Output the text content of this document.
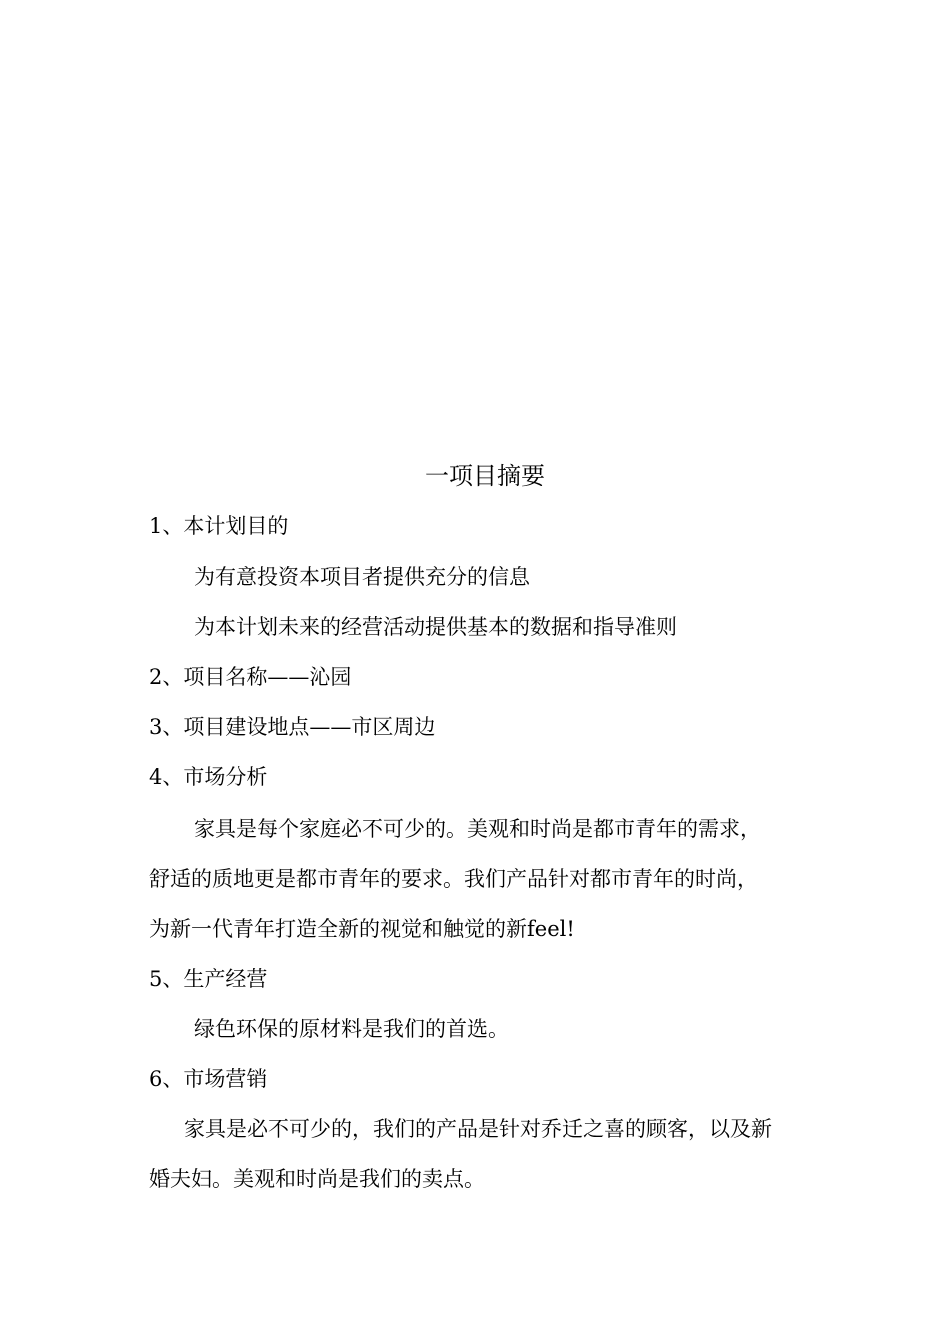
一项目摘要
1、本计划目的
为有意投资本项目者提供充分的信息
为本计划未来的经营活动提供基本的数据和指导准则
2、项目名称——沁园
3、项目建设地点——市区周边
4、市场分析
家具是每个家庭必不可少的。美观和时尚是都市青年的需求，
舒适的质地更是都市青年的要求。我们产品针对都市青年的时尚，
为新一代青年打造全新的视觉和触觉的新feel!
5、生产经营
绿色环保的原材料是我们的首选。
6、市场营销
家具是必不可少的，我们的产品是针对乔迁之喜的顾客，以及新
婚夫妇。美观和时尚是我们的卖点。
